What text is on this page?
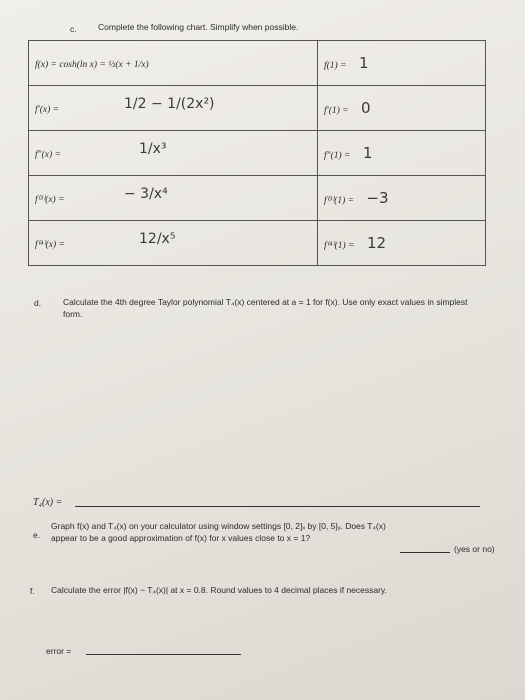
c.	Complete the following chart. Simplify when possible.
f(x) = cosh(ln x) = ½(x + 1/x)	f(1) = 1
f′(x) = 1/2 − 1/(2x²)	f′(1) = 0
f″(x) = 1/x³	f″(1) = 1
f⁽³⁾(x) = − 3/x⁴	f⁽³⁾(1) = −3
f⁽⁴⁾(x) = 12/x⁵	f⁽⁴⁾(1) = 12
d.	Calculate the 4th degree Taylor polynomial T₄(x) centered at a = 1 for f(x). Use only exact values in simplest form.
T₄(x) =
e.
Graph f(x) and T₄(x) on your calculator using window settings [0, 2]ₓ by [0, 5]ᵧ. Does T₄(x) appear to be a good approximation of f(x) for x values close to x = 1?
(yes or no)
f. Calculate the error |f(x) − T₄(x)| at x = 0.8. Round values to 4 decimal places if necessary.
error =
